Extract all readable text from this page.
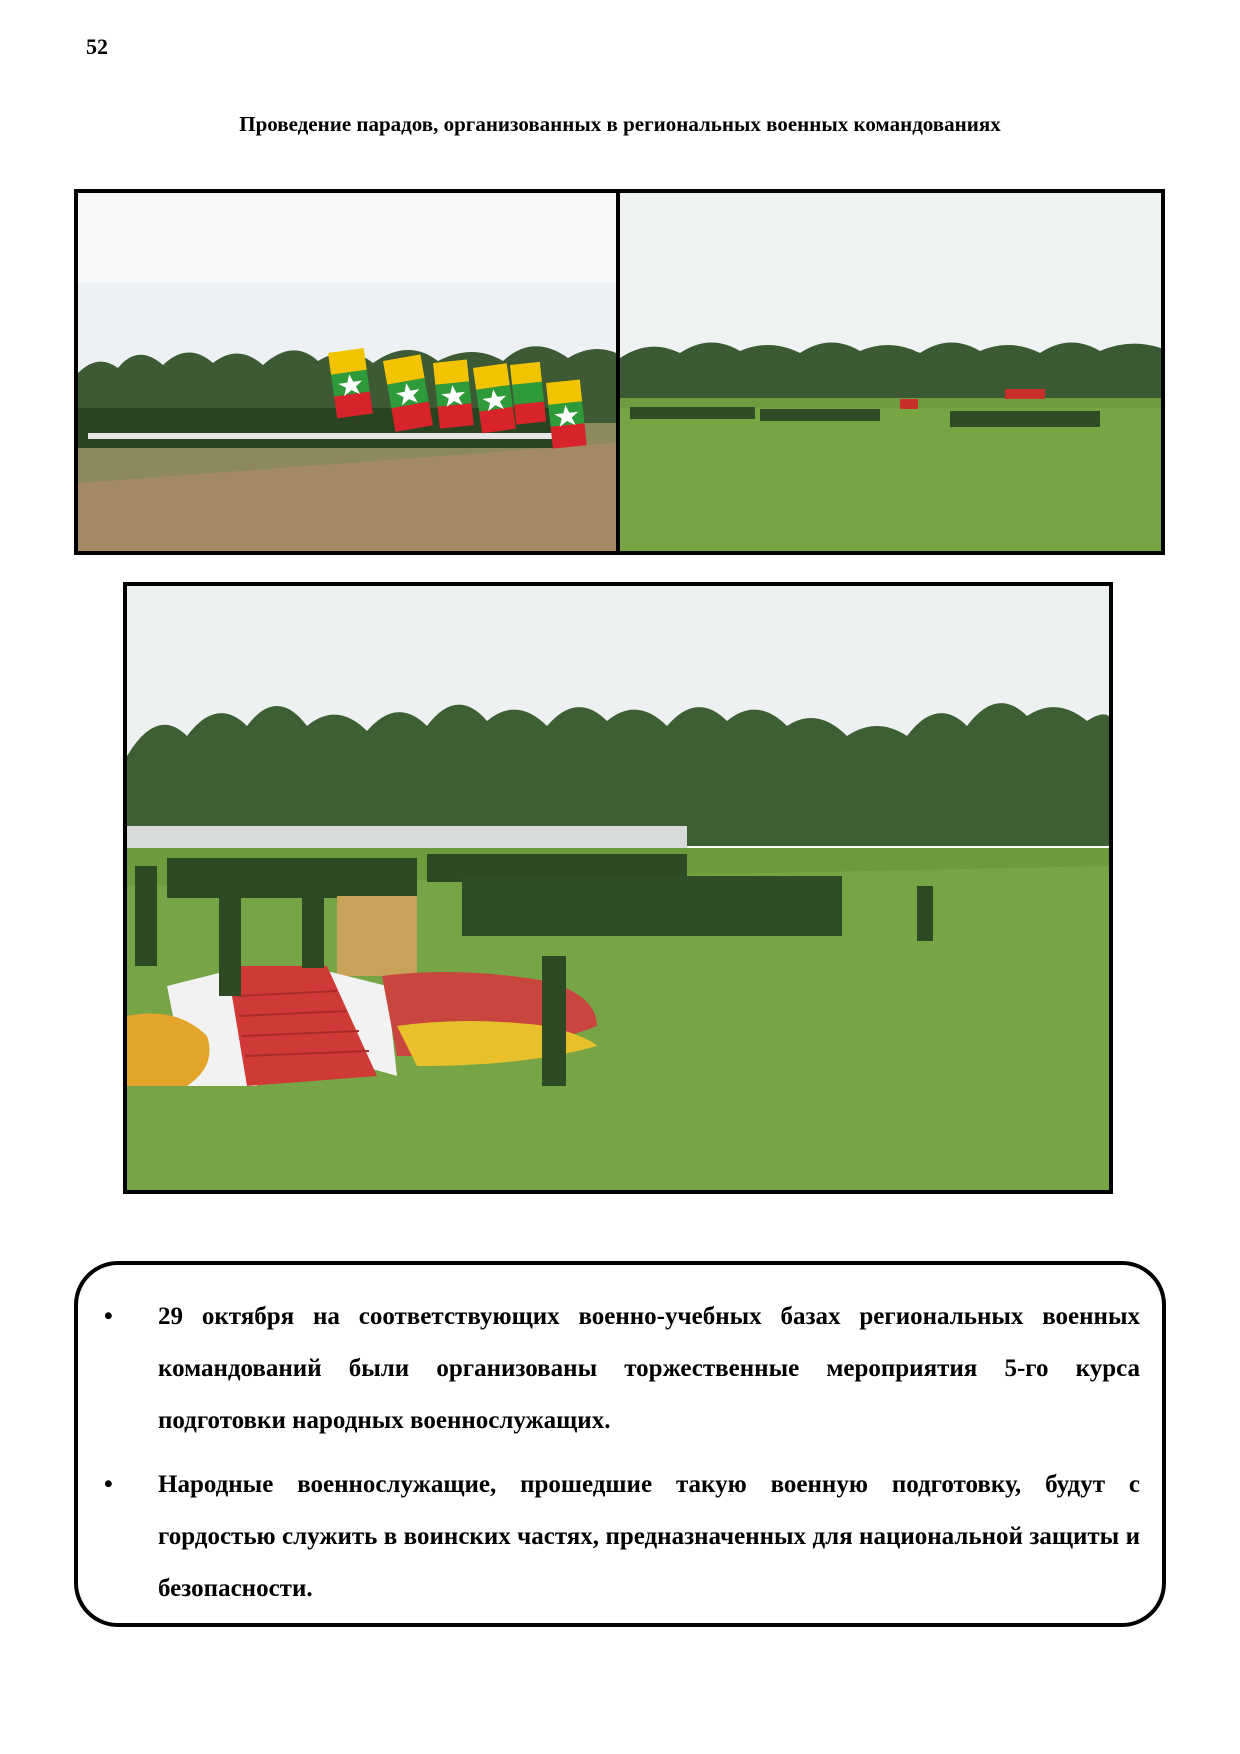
52
Проведение парадов, организованных в региональных военных командованиях
• 29 октября на соответствующих военно-учебных базах региональных военных командований были организованы торжественные мероприятия 5-го курса подготовки народных военнослужащих.
• Народные военнослужащие, прошедшие такую военную подготовку, будут с гордостью служить в воинских частях, предназначенных для национальной защиты и безопасности.
